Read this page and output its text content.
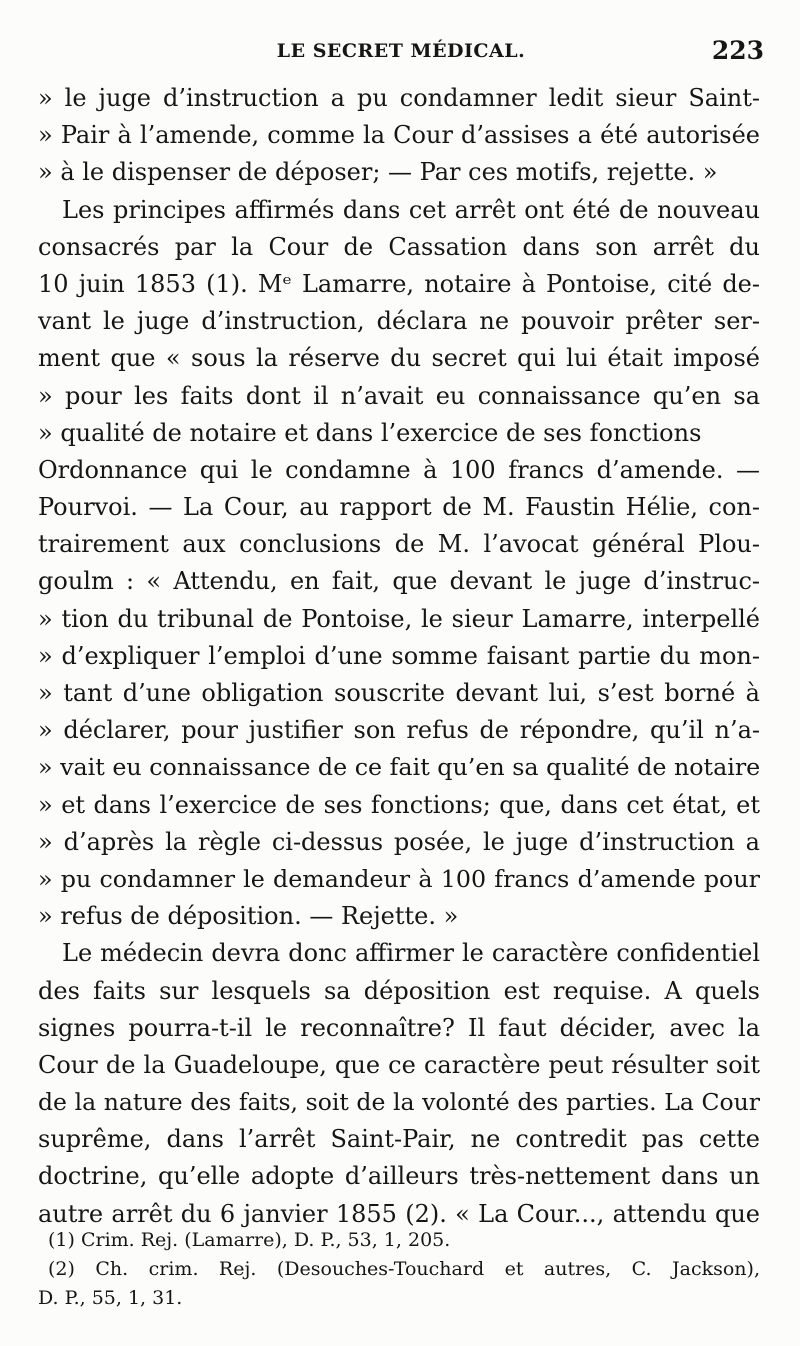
LE SECRET MÉDICAL.	223
» le juge d’instruction a pu condamner ledit sieur Saint-
» Pair à l’amende, comme la Cour d’assises a été autorisée
» à le dispenser de déposer; — Par ces motifs, rejette. »
Les principes affirmés dans cet arrêt ont été de nouveau
consacrés par la Cour de Cassation dans son arrêt du
10 juin 1853 (1). Mᵉ Lamarre, notaire à Pontoise, cité de-
vant le juge d’instruction, déclara ne pouvoir prêter ser-
ment que « sous la réserve du secret qui lui était imposé
» pour les faits dont il n’avait eu connaissance qu’en sa
» qualité de notaire et dans l’exercice de ses fonctions
Ordonnance qui le condamne à 100 francs d’amende. —
Pourvoi. — La Cour, au rapport de M. Faustin Hélie, con-
trairement aux conclusions de M. l’avocat général Plou-
goulm : « Attendu, en fait, que devant le juge d’instruc-
» tion du tribunal de Pontoise, le sieur Lamarre, interpellé
» d’expliquer l’emploi d’une somme faisant partie du mon-
» tant d’une obligation souscrite devant lui, s’est borné à
» déclarer, pour justifier son refus de répondre, qu’il n’a-
» vait eu connaissance de ce fait qu’en sa qualité de notaire
» et dans l’exercice de ses fonctions; que, dans cet état, et
» d’après la règle ci-dessus posée, le juge d’instruction a
» pu condamner le demandeur à 100 francs d’amende pour
» refus de déposition. — Rejette. »
Le médecin devra donc affirmer le caractère confidentiel
des faits sur lesquels sa déposition est requise. A quels
signes pourra-t-il le reconnaître? Il faut décider, avec la
Cour de la Guadeloupe, que ce caractère peut résulter soit
de la nature des faits, soit de la volonté des parties. La Cour
suprême, dans l’arrêt Saint-Pair, ne contredit pas cette
doctrine, qu’elle adopte d’ailleurs très-nettement dans un
autre arrêt du 6 janvier 1855 (2). « La Cour..., attendu que
(1) Crim. Rej. (Lamarre), D. P., 53, 1, 205.
(2) Ch. crim. Rej. (Desouches-Touchard et autres, C. Jackson),
D. P., 55, 1, 31.
